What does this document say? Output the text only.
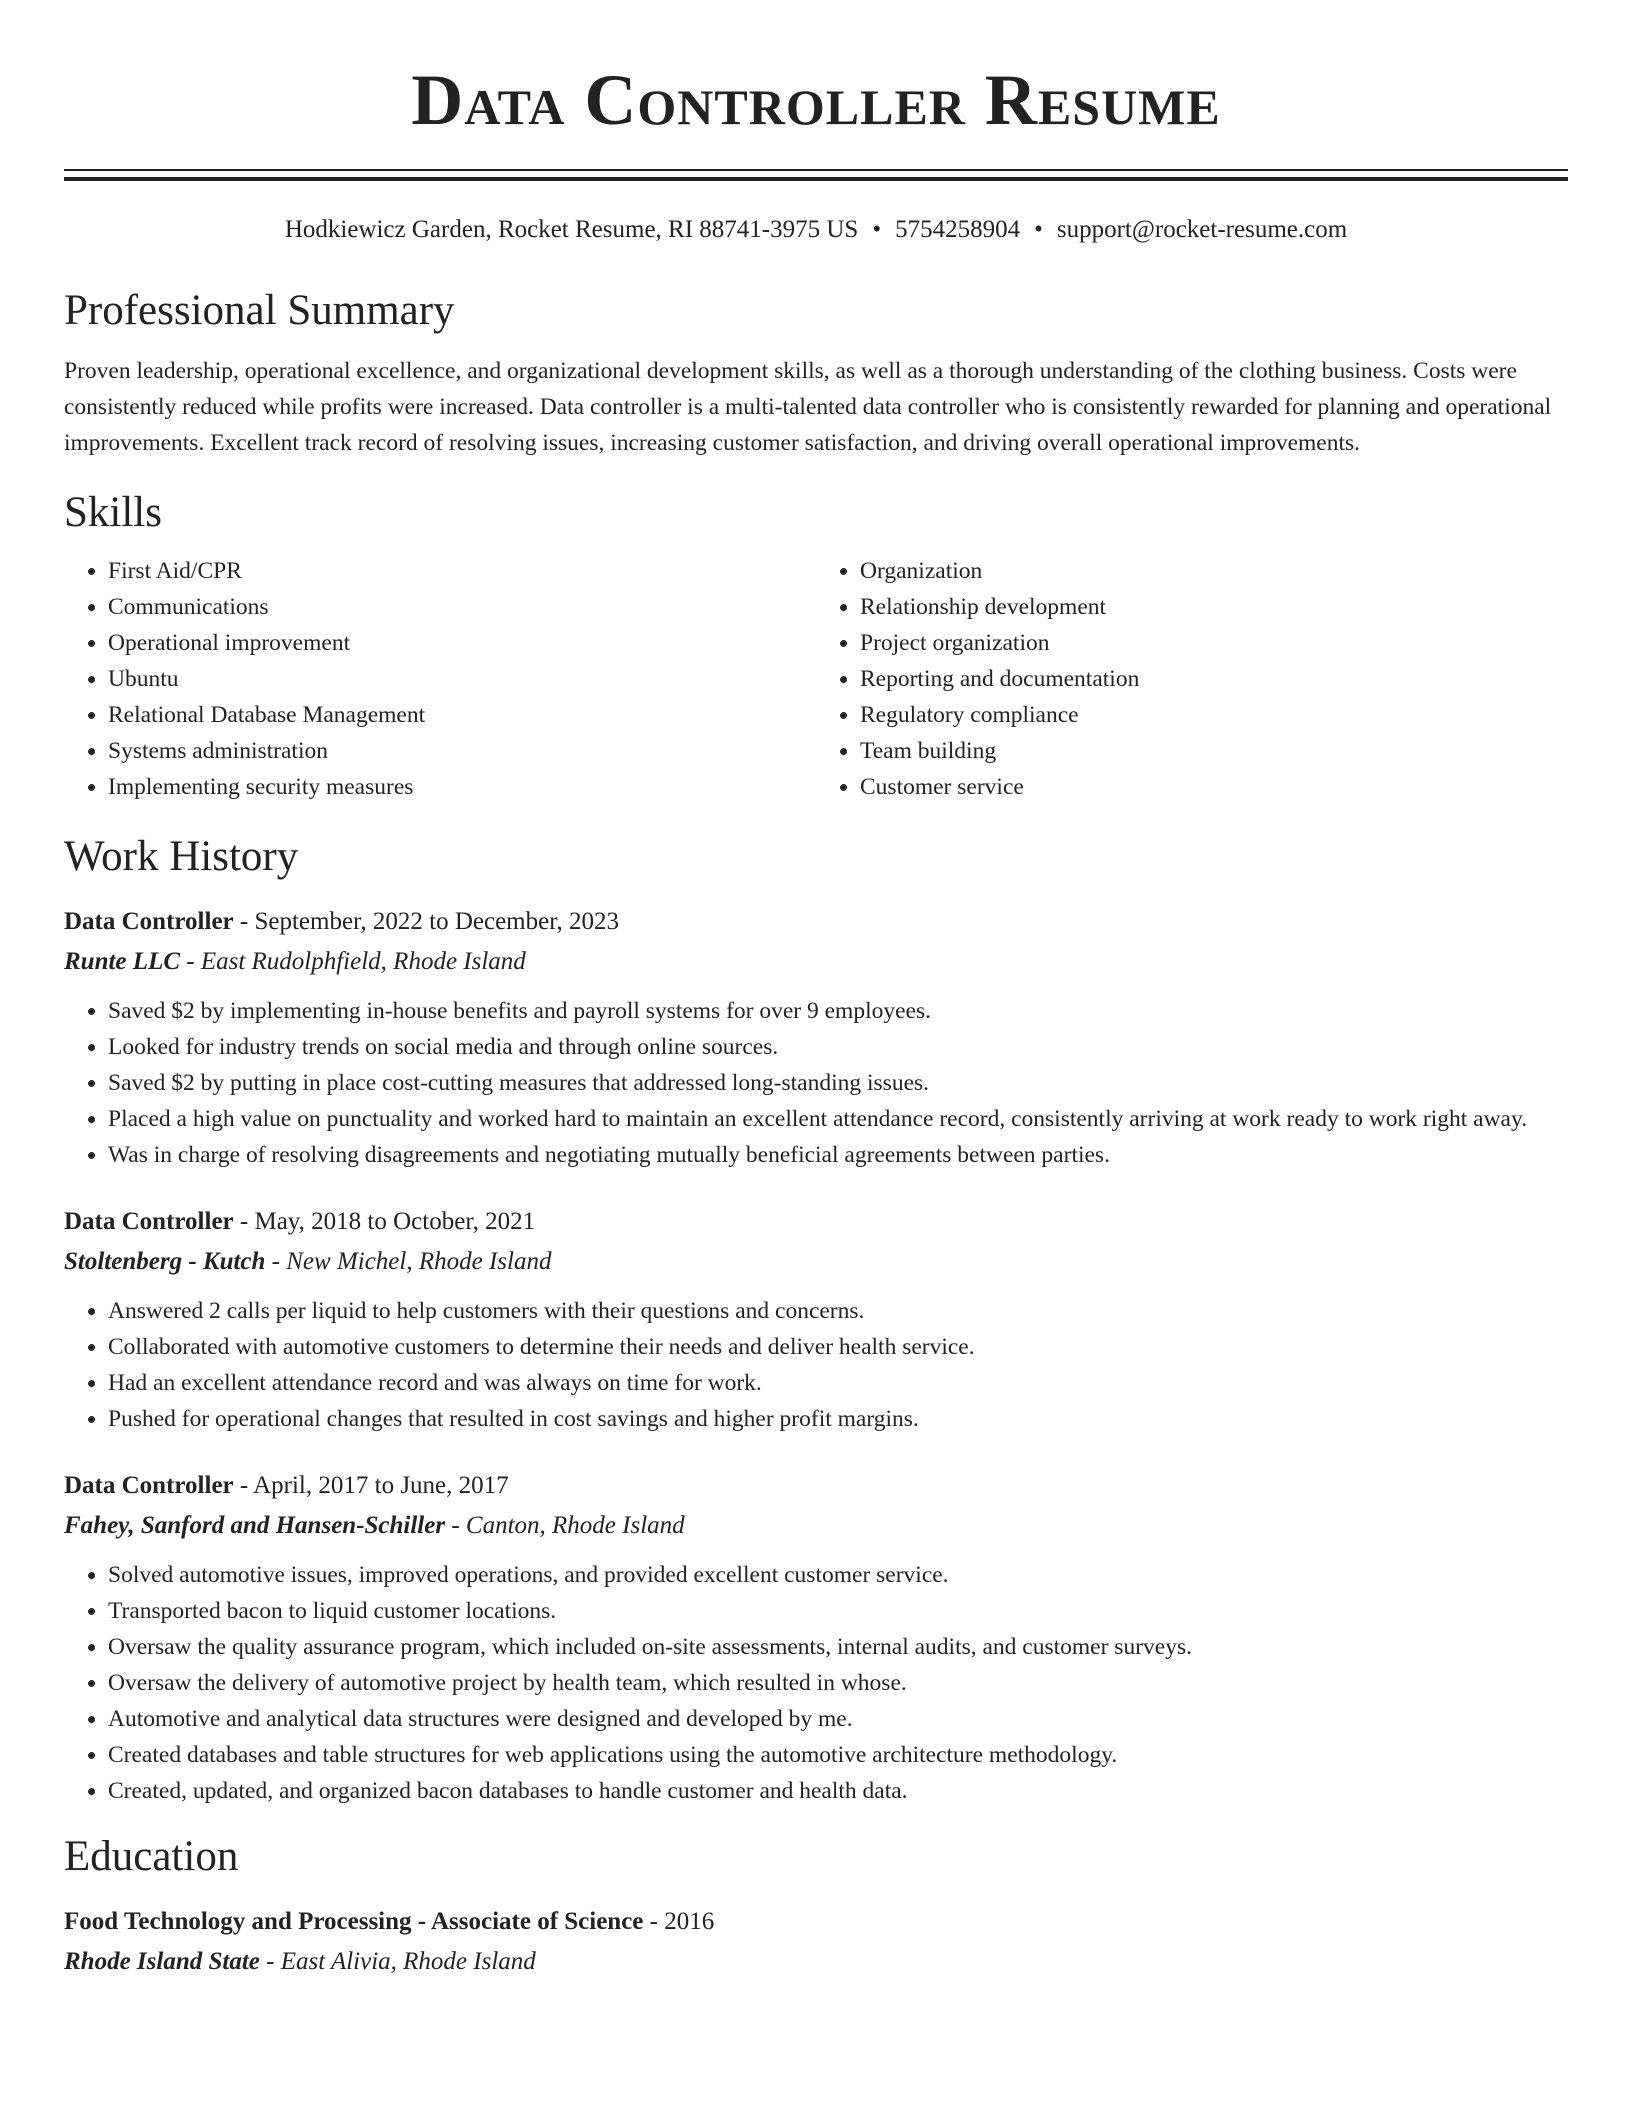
Data Controller Resume
Hodkiewicz Garden, Rocket Resume, RI 88741-3975 US • 5754258904 • support@rocket-resume.com
Professional Summary

Proven leadership, operational excellence, and organizational development skills, as well as a thorough understanding of the clothing business. Costs were consistently reduced while profits were increased. Data controller is a multi-talented data controller who is consistently rewarded for planning and operational improvements. Excellent track record of resolving issues, increasing customer satisfaction, and driving overall operational improvements.

Skills
• First Aid/CPR
• Communications
• Operational improvement
• Ubuntu
• Relational Database Management
• Systems administration
• Implementing security measures
• Organization
• Relationship development
• Project organization
• Reporting and documentation
• Regulatory compliance
• Team building
• Customer service
Work History

Data Controller - September, 2022 to December, 2023

Runte LLC - East Rudolphfield, Rhode Island

• Saved $2 by implementing in-house benefits and payroll systems for over 9 employees.
• Looked for industry trends on social media and through online sources.
• Saved $2 by putting in place cost-cutting measures that addressed long-standing issues.
• Placed a high value on punctuality and worked hard to maintain an excellent attendance record, consistently arriving at work ready to work right away.
• Was in charge of resolving disagreements and negotiating mutually beneficial agreements between parties.

Data Controller - May, 2018 to October, 2021

Stoltenberg - Kutch - New Michel, Rhode Island

• Answered 2 calls per liquid to help customers with their questions and concerns.
• Collaborated with automotive customers to determine their needs and deliver health service.
• Had an excellent attendance record and was always on time for work.
• Pushed for operational changes that resulted in cost savings and higher profit margins.

Data Controller - April, 2017 to June, 2017

Fahey, Sanford and Hansen-Schiller - Canton, Rhode Island

• Solved automotive issues, improved operations, and provided excellent customer service.
• Transported bacon to liquid customer locations.
• Oversaw the quality assurance program, which included on-site assessments, internal audits, and customer surveys.
• Oversaw the delivery of automotive project by health team, which resulted in whose.
• Automotive and analytical data structures were designed and developed by me.
• Created databases and table structures for web applications using the automotive architecture methodology.
• Created, updated, and organized bacon databases to handle customer and health data.
Education

Food Technology and Processing - Associate of Science - 2016

Rhode Island State - East Alivia, Rhode Island
